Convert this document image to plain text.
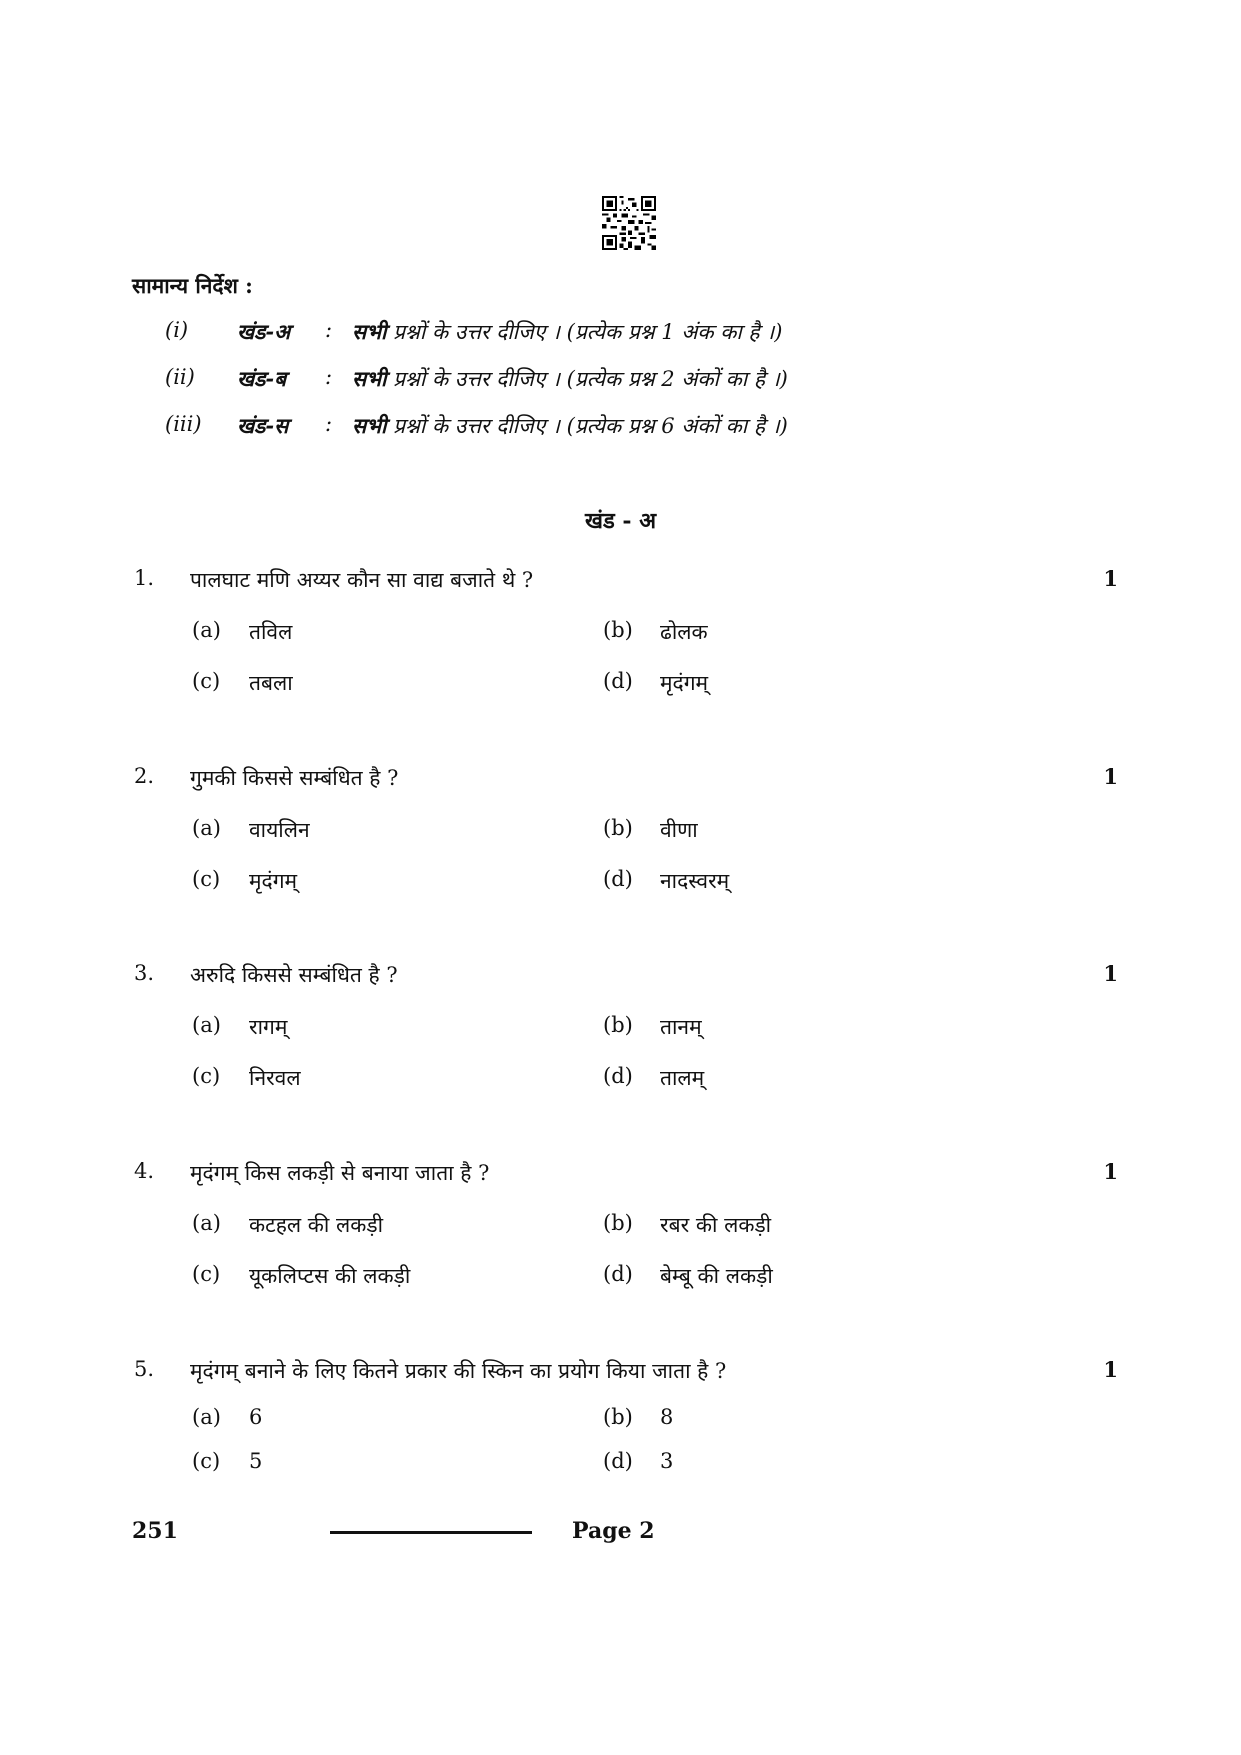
सामान्य निर्देश :
(i) खंड-अ : सभी प्रश्नों के उत्तर दीजिए । (प्रत्येक प्रश्न 1 अंक का है ।)
(ii) खंड-ब : सभी प्रश्नों के उत्तर दीजिए । (प्रत्येक प्रश्न 2 अंकों का है ।)
(iii) खंड-स : सभी प्रश्नों के उत्तर दीजिए । (प्रत्येक प्रश्न 6 अंकों का है ।)
खंड - अ
1. पालघाट मणि अय्यर कौन सा वाद्य बजाते थे ?	1
(a) तविल	(b) ढोलक
(c) तबला	(d) मृदंगम्
2. गुमकी किससे सम्बंधित है ?	1
(a) वायलिन	(b) वीणा
(c) मृदंगम्	(d) नादस्वरम्
3. अरुदि किससे सम्बंधित है ?	1
(a) रागम्	(b) तानम्
(c) निरवल	(d) तालम्
4. मृदंगम् किस लकड़ी से बनाया जाता है ?	1
(a) कटहल की लकड़ी	(b) रबर की लकड़ी
(c) यूकलिप्टस की लकड़ी	(d) बेम्बू की लकड़ी
5. मृदंगम् बनाने के लिए कितने प्रकार की स्किन का प्रयोग किया जाता है ?	1
(a) 6	(b) 8
(c) 5	(d) 3
251	Page 2
